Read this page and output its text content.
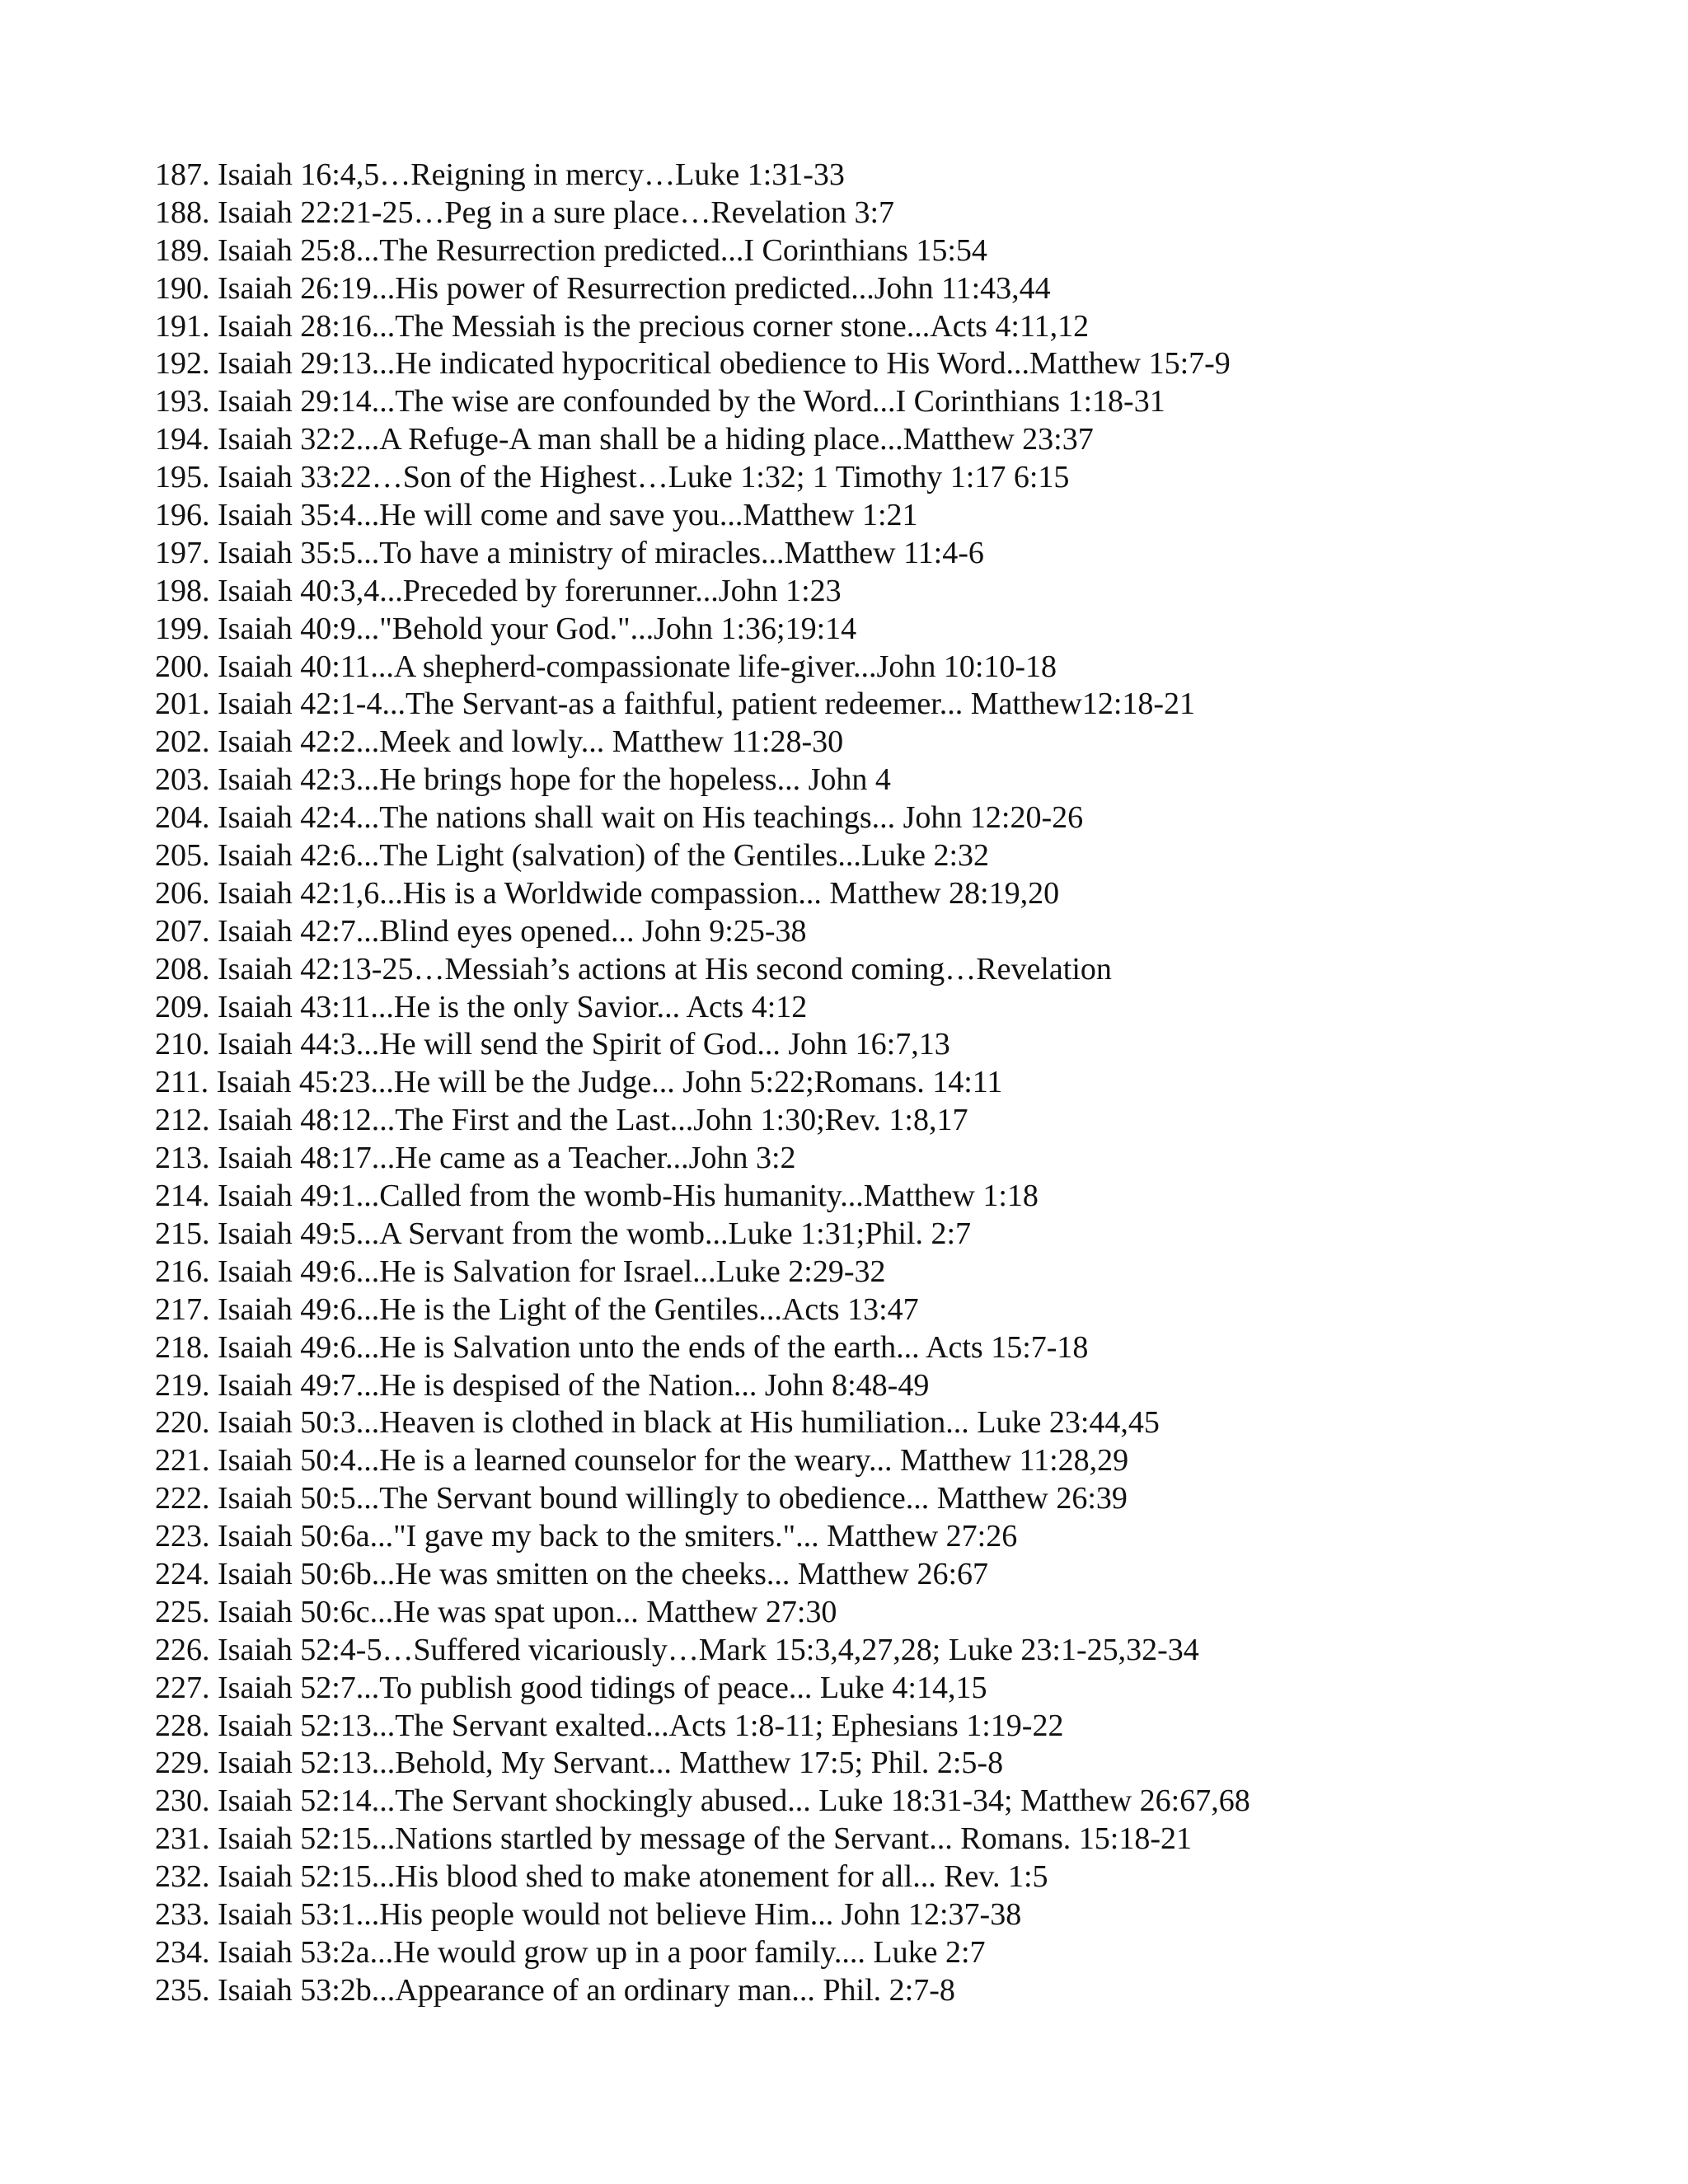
187. Isaiah 16:4,5…Reigning in mercy…Luke 1:31-33
188. Isaiah 22:21-25…Peg in a sure place…Revelation 3:7
189. Isaiah 25:8...The Resurrection predicted...I Corinthians 15:54
190. Isaiah 26:19...His power of Resurrection predicted...John 11:43,44
191. Isaiah 28:16...The Messiah is the precious corner stone...Acts 4:11,12
192. Isaiah 29:13...He indicated hypocritical obedience to His Word...Matthew 15:7-9
193. Isaiah 29:14...The wise are confounded by the Word...I Corinthians 1:18-31
194. Isaiah 32:2...A Refuge-A man shall be a hiding place...Matthew 23:37
195. Isaiah 33:22…Son of the Highest…Luke 1:32; 1 Timothy 1:17 6:15
196. Isaiah 35:4...He will come and save you...Matthew 1:21
197. Isaiah 35:5...To have a ministry of miracles...Matthew 11:4-6
198. Isaiah 40:3,4...Preceded by forerunner...John 1:23
199. Isaiah 40:9..."Behold your God."...John 1:36;19:14
200. Isaiah 40:11...A shepherd-compassionate life-giver...John 10:10-18
201. Isaiah 42:1-4...The Servant-as a faithful, patient redeemer... Matthew12:18-21
202. Isaiah 42:2...Meek and lowly... Matthew 11:28-30
203. Isaiah 42:3...He brings hope for the hopeless... John 4
204. Isaiah 42:4...The nations shall wait on His teachings... John 12:20-26
205. Isaiah 42:6...The Light (salvation) of the Gentiles...Luke 2:32
206. Isaiah 42:1,6...His is a Worldwide compassion... Matthew 28:19,20
207. Isaiah 42:7...Blind eyes opened... John 9:25-38
208. Isaiah 42:13-25…Messiah’s actions at His second coming…Revelation
209. Isaiah 43:11...He is the only Savior... Acts 4:12
210. Isaiah 44:3...He will send the Spirit of God... John 16:7,13
211. Isaiah 45:23...He will be the Judge... John 5:22;Romans. 14:11
212. Isaiah 48:12...The First and the Last...John 1:30;Rev. 1:8,17
213. Isaiah 48:17...He came as a Teacher...John 3:2
214. Isaiah 49:1...Called from the womb-His humanity...Matthew 1:18
215. Isaiah 49:5...A Servant from the womb...Luke 1:31;Phil. 2:7
216. Isaiah 49:6...He is Salvation for Israel...Luke 2:29-32
217. Isaiah 49:6...He is the Light of the Gentiles...Acts 13:47
218. Isaiah 49:6...He is Salvation unto the ends of the earth... Acts 15:7-18
219. Isaiah 49:7...He is despised of the Nation... John 8:48-49
220. Isaiah 50:3...Heaven is clothed in black at His humiliation... Luke 23:44,45
221. Isaiah 50:4...He is a learned counselor for the weary... Matthew 11:28,29
222. Isaiah 50:5...The Servant bound willingly to obedience... Matthew 26:39
223. Isaiah 50:6a..."I gave my back to the smiters."... Matthew 27:26
224. Isaiah 50:6b...He was smitten on the cheeks... Matthew 26:67
225. Isaiah 50:6c...He was spat upon... Matthew 27:30
226. Isaiah 52:4-5…Suffered vicariously…Mark 15:3,4,27,28; Luke 23:1-25,32-34
227. Isaiah 52:7...To publish good tidings of peace... Luke 4:14,15
228. Isaiah 52:13...The Servant exalted...Acts 1:8-11; Ephesians 1:19-22
229. Isaiah 52:13...Behold, My Servant... Matthew 17:5; Phil. 2:5-8
230. Isaiah 52:14...The Servant shockingly abused... Luke 18:31-34; Matthew 26:67,68
231. Isaiah 52:15...Nations startled by message of the Servant... Romans. 15:18-21
232. Isaiah 52:15...His blood shed to make atonement for all... Rev. 1:5
233. Isaiah 53:1...His people would not believe Him... John 12:37-38
234. Isaiah 53:2a...He would grow up in a poor family.... Luke 2:7
235. Isaiah 53:2b...Appearance of an ordinary man... Phil. 2:7-8
